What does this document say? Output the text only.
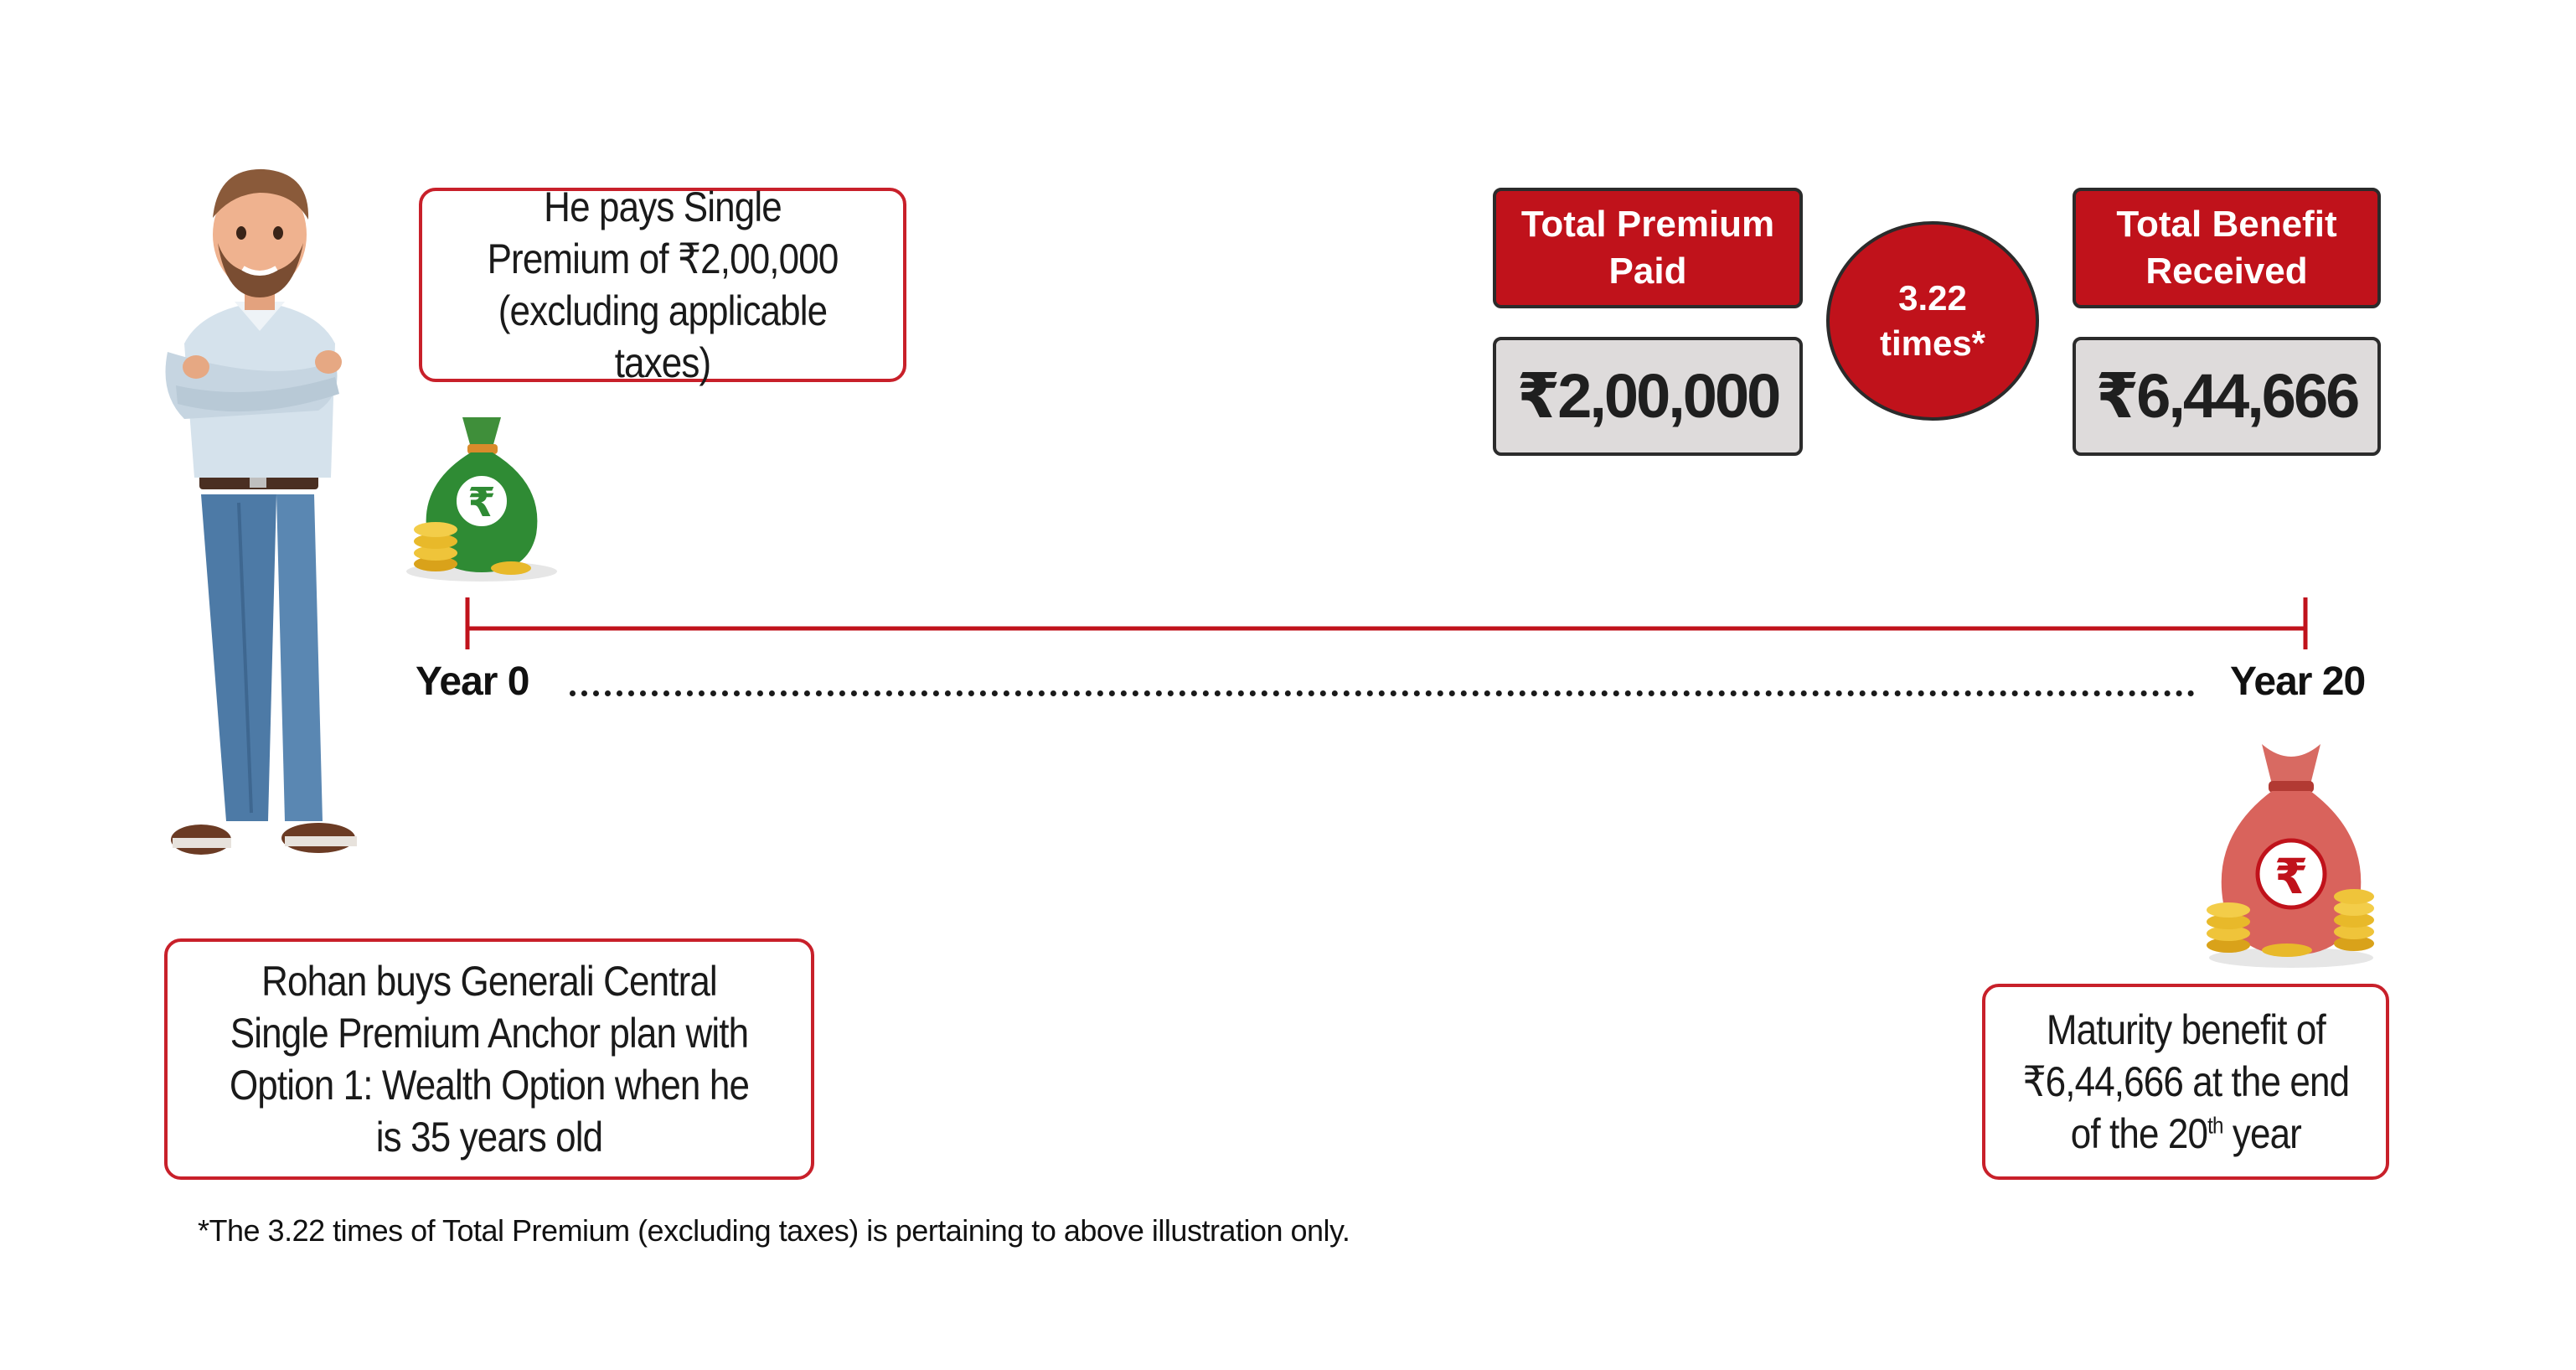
He pays Single Premium of ₹2,00,000 (excluding applicable taxes)
₹
Year 0	Year 20
Total Premium
Paid
₹2,00,000
3.22
times*
Total Benefit
Received
₹6,44,666
₹
Rohan buys Generali Central Single Premium Anchor plan with Option 1: Wealth Option when he is 35 years old
Maturity benefit of
₹6,44,666 at the end
of the 20th year
*The 3.22 times of Total Premium (excluding taxes) is pertaining to above illustration only.
